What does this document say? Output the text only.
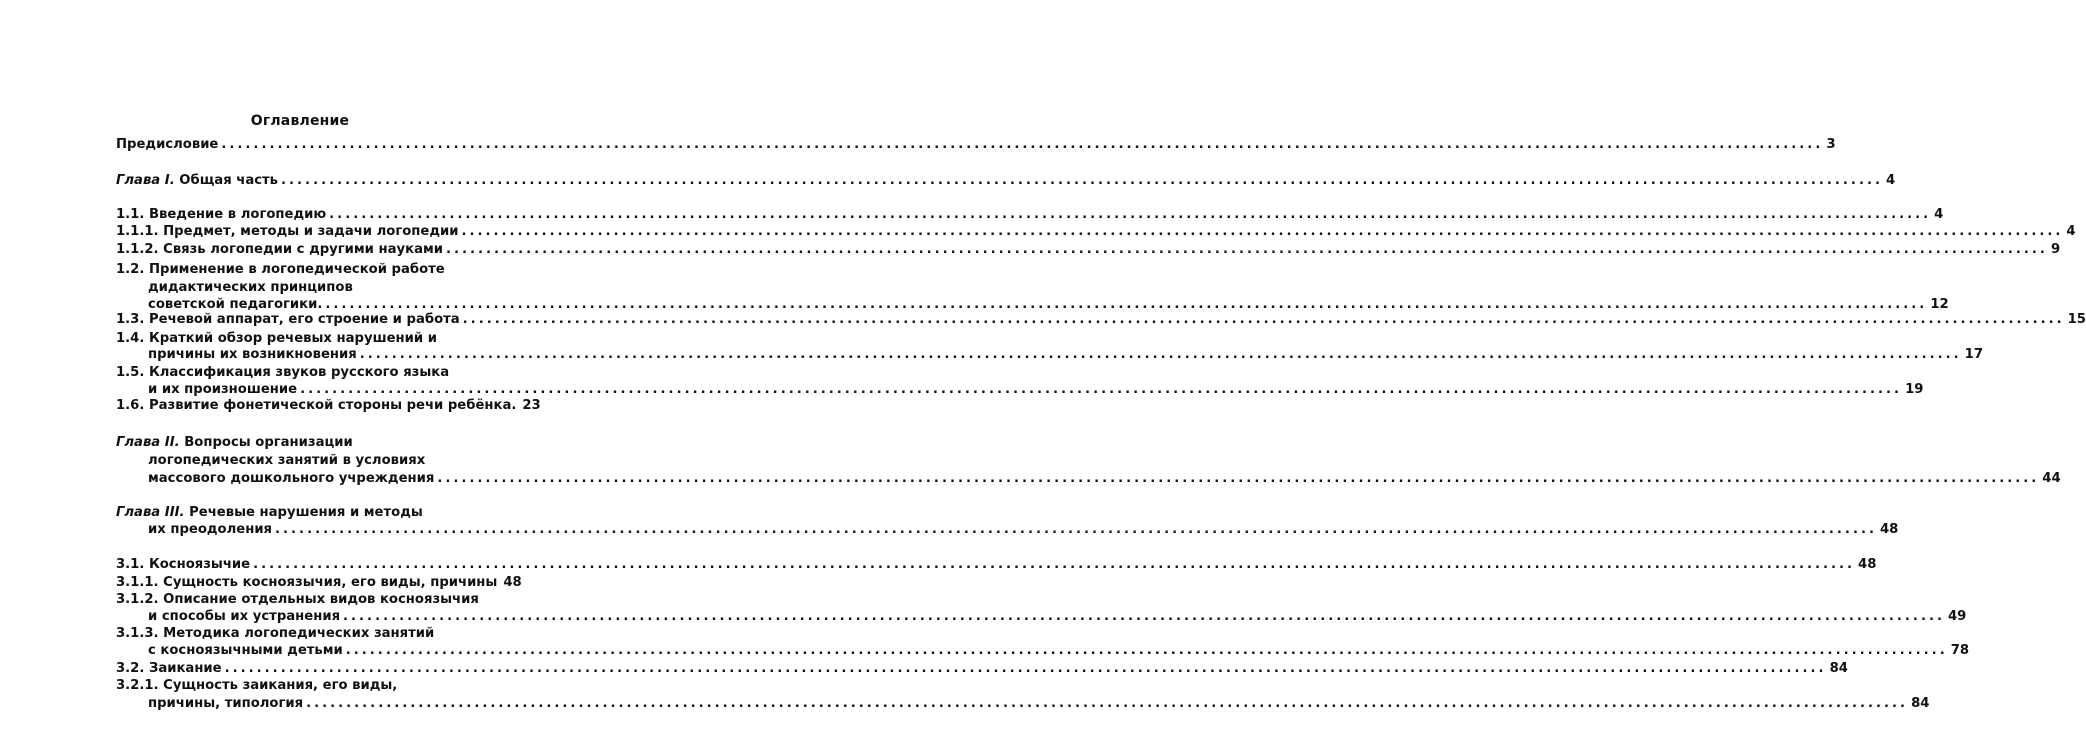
Оглавление
Предисловие ........................................................................................................................................................................................................ 3
Глава I. Общая часть ........................................................................................................................................................................................................ 4
1.1. Введение в логопедию ........................................................................................................................................................................................................ 4
1.1.1. Предмет, методы и задачи логопедии ........................................................................................................................................................................................................ 4
1.1.2. Связь логопедии с другими науками ........................................................................................................................................................................................................ 9
1.2. Применение в логопедической работе
дидактических принципов
советской педагогики. ........................................................................................................................................................................................................ 12
1.3. Речевой аппарат, его строение и работа ........................................................................................................................................................................................................ 15
1.4. Краткий обзор речевых нарушений и
причины их возникновения ........................................................................................................................................................................................................ 17
1.5. Классификация звуков русского языка
и их произношение ........................................................................................................................................................................................................ 19
1.6. Развитие фонетической стороны речи ребёнка. 23
Глава II. Вопросы организации
логопедических занятий в условиях
массового дошкольного учреждения ........................................................................................................................................................................................................ 44
Глава III. Речевые нарушения и методы
их преодоления ........................................................................................................................................................................................................ 48
3.1. Косноязычие ........................................................................................................................................................................................................ 48
3.1.1. Сущность косноязычия, его виды, причины 48
3.1.2. Описание отдельных видов косноязычия
и способы их устранения ........................................................................................................................................................................................................ 49
3.1.3. Методика логопедических занятий
с косноязычными детьми ........................................................................................................................................................................................................ 78
3.2. Заикание ........................................................................................................................................................................................................ 84
3.2.1. Сущность заикания, его виды,
причины, типология ........................................................................................................................................................................................................ 84
